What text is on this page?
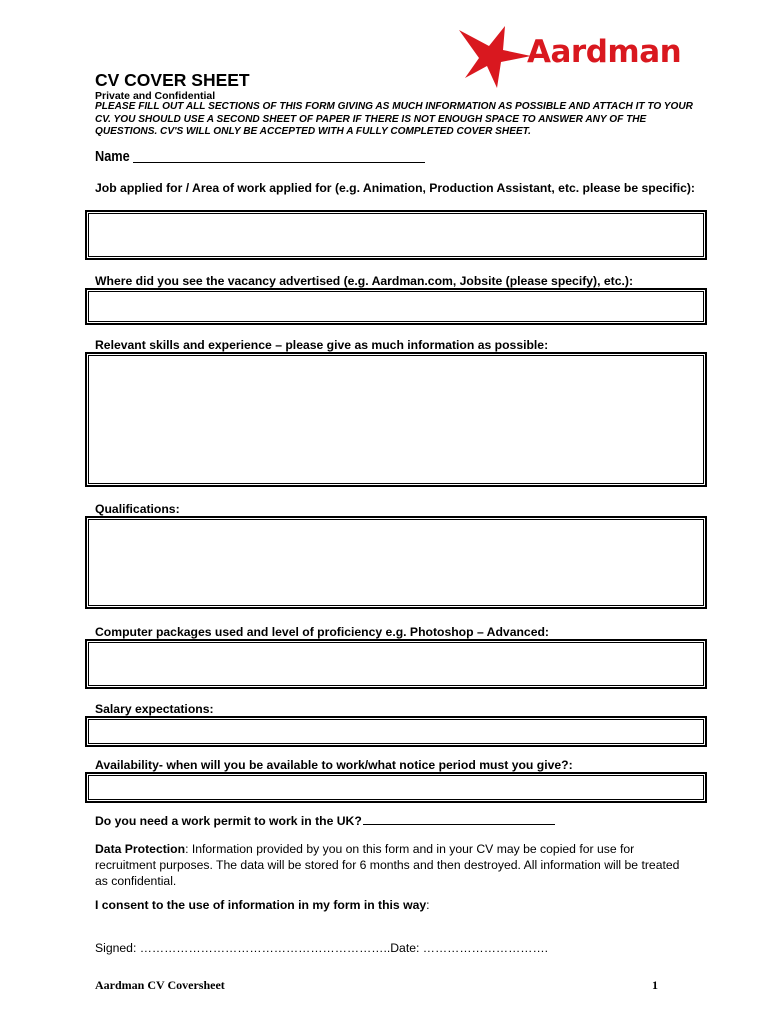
Aardman
CV COVER SHEET
Private and Confidential
PLEASE FILL OUT ALL SECTIONS OF THIS FORM GIVING AS MUCH INFORMATION AS POSSIBLE AND ATTACH IT TO YOUR CV. YOU SHOULD USE A SECOND SHEET OF PAPER IF THERE IS NOT ENOUGH SPACE TO ANSWER ANY OF THE QUESTIONS. CV'S WILL ONLY BE ACCEPTED WITH A FULLY COMPLETED COVER SHEET.
Name
Job applied for / Area of work applied for (e.g. Animation, Production Assistant, etc. please be specific):
Where did you see the vacancy advertised (e.g. Aardman.com, Jobsite (please specify), etc.):
Relevant skills and experience – please give as much information as possible:
Qualifications:
Computer packages used and level of proficiency e.g. Photoshop – Advanced:
Salary expectations:
Availability- when will you be available to work/what notice period must you give?:
Do you need a work permit to work in the UK?
Data Protection: Information provided by you on this form and in your CV may be copied for use for recruitment purposes. The data will be stored for 6 months and then destroyed. All information will be treated as confidential.
I consent to the use of information in my form in this way:
Signed: ……………………………………………………..Date: ………………………….
Aardman CV Coversheet	1
